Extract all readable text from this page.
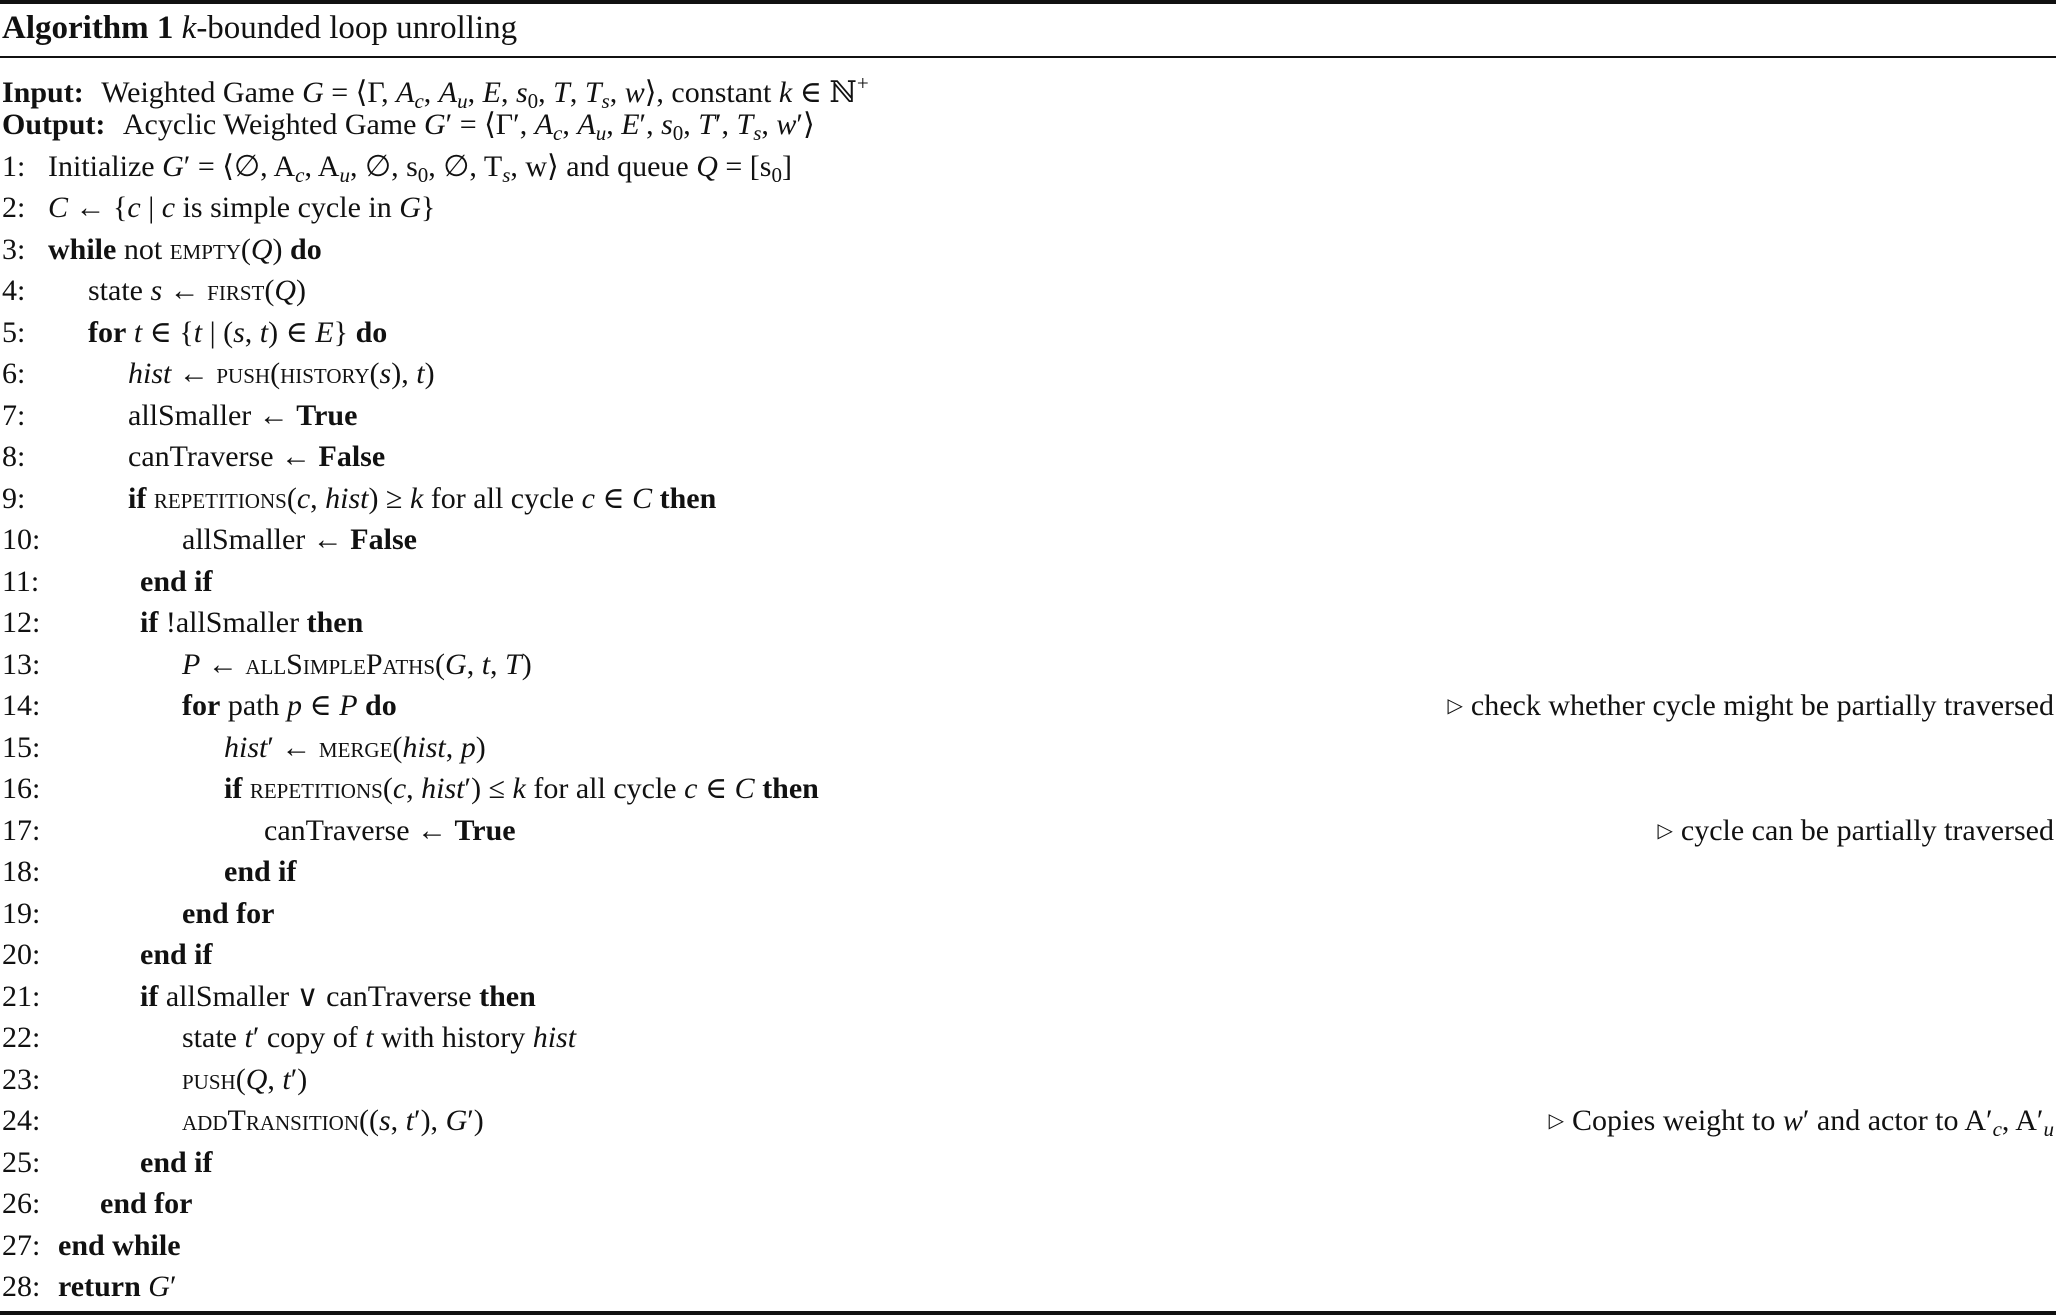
Algorithm 1 k-bounded loop unrolling
Input: Weighted Game G = ⟨Γ, $A_c$, $A_u$, E, $s_0$, T, $T_s$, w⟩, constant k ∈ ℕ+
Output: Acyclic Weighted Game G′ = ⟨Γ′, $A_c$, $A_u$, E′, $s_0$, T′, $T_s$, w′⟩
1: Initialize G′ = ⟨∅, $A_c$, $A_u$, ∅, $s_0$, ∅, $T_s$, w⟩ and queue $Q = [s_0]$
2: C ← {c | c is simple cycle in G}
3: while not empty(Q) do
4: state s ← first(Q)
5: for t ∈ {t | (s, t) ∈ E} do
6:	hist ← push(history(s), t)
7:	allSmaller ← True
8:	canTraverse ← False
9:	if repetitions(c, hist) ≥ k for all cycle c ∈ C then
10:	allSmaller ← False
11:	end if
12:	if !allSmaller then
13:	P ← allSimplePaths(G, t, T)
14:	for path p ∈ P do	▷ check whether cycle might be partially traversed
15:	hist′ ← merge(hist, p)
16:	if repetitions(c, hist′) ≤ k for all cycle c ∈ C then
17:	canTraverse ← True	▷ cycle can be partially traversed
18:	end if
19:	end for
20:	end if
21:	if allSmaller ∨ canTraverse then
22:	state t′ copy of t with history hist
23:	push(Q, t′)
24:	addTransition((s, t′), G′)	▷ Copies weight to w′ and actor to $A'_c$, $A'_u$
25:	end if
26: end for
27: end while
28: return G′
